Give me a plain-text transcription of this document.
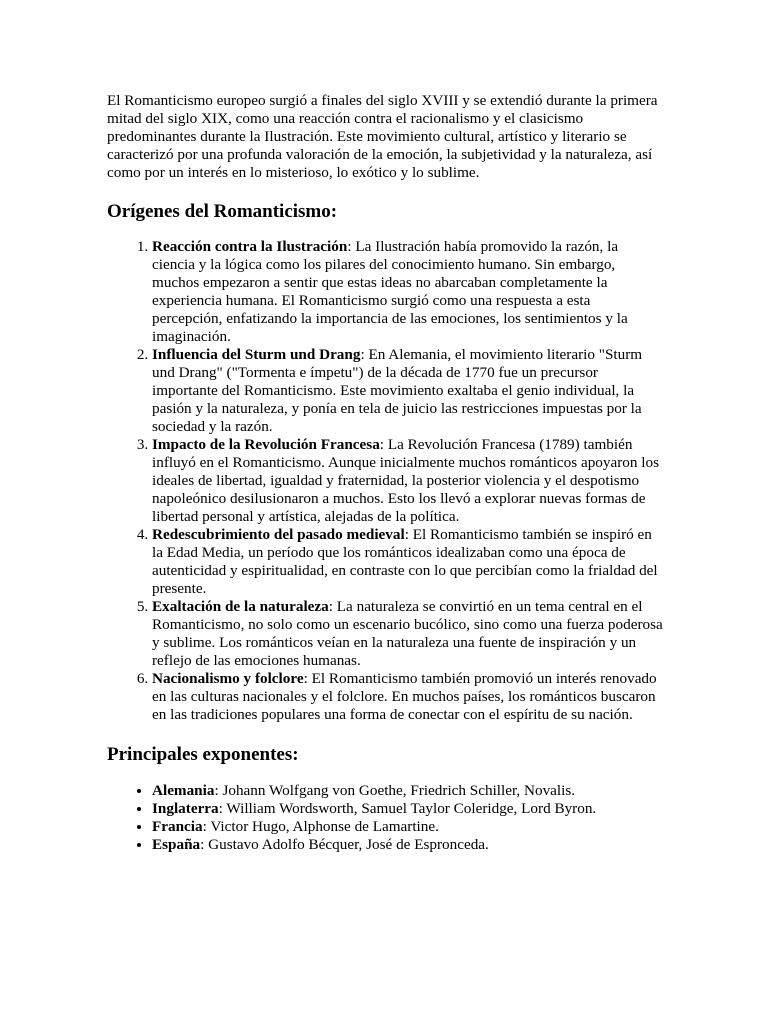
El Romanticismo europeo surgió a finales del siglo XVIII y se extendió durante la primera mitad del siglo XIX, como una reacción contra el racionalismo y el clasicismo predominantes durante la Ilustración. Este movimiento cultural, artístico y literario se caracterizó por una profunda valoración de la emoción, la subjetividad y la naturaleza, así como por un interés en lo misterioso, lo exótico y lo sublime.

Orígenes del Romanticismo:
1. Reacción contra la Ilustración: La Ilustración había promovido la razón, la ciencia y la lógica como los pilares del conocimiento humano. Sin embargo, muchos empezaron a sentir que estas ideas no abarcaban completamente la experiencia humana. El Romanticismo surgió como una respuesta a esta percepción, enfatizando la importancia de las emociones, los sentimientos y la imaginación.
2. Influencia del Sturm und Drang: En Alemania, el movimiento literario "Sturm und Drang" ("Tormenta e ímpetu") de la década de 1770 fue un precursor importante del Romanticismo. Este movimiento exaltaba el genio individual, la pasión y la naturaleza, y ponía en tela de juicio las restricciones impuestas por la sociedad y la razón.
3. Impacto de la Revolución Francesa: La Revolución Francesa (1789) también influyó en el Romanticismo. Aunque inicialmente muchos románticos apoyaron los ideales de libertad, igualdad y fraternidad, la posterior violencia y el despotismo napoleónico desilusionaron a muchos. Esto los llevó a explorar nuevas formas de libertad personal y artística, alejadas de la política.
4. Redescubrimiento del pasado medieval: El Romanticismo también se inspiró en la Edad Media, un período que los románticos idealizaban como una época de autenticidad y espiritualidad, en contraste con lo que percibían como la frialdad del presente.
5. Exaltación de la naturaleza: La naturaleza se convirtió en un tema central en el Romanticismo, no solo como un escenario bucólico, sino como una fuerza poderosa y sublime. Los románticos veían en la naturaleza una fuente de inspiración y un reflejo de las emociones humanas.
6. Nacionalismo y folclore: El Romanticismo también promovió un interés renovado en las culturas nacionales y el folclore. En muchos países, los románticos buscaron en las tradiciones populares una forma de conectar con el espíritu de su nación.
Principales exponentes:
• Alemania: Johann Wolfgang von Goethe, Friedrich Schiller, Novalis.
• Inglaterra: William Wordsworth, Samuel Taylor Coleridge, Lord Byron.
• Francia: Victor Hugo, Alphonse de Lamartine.
• España: Gustavo Adolfo Bécquer, José de Espronceda.
